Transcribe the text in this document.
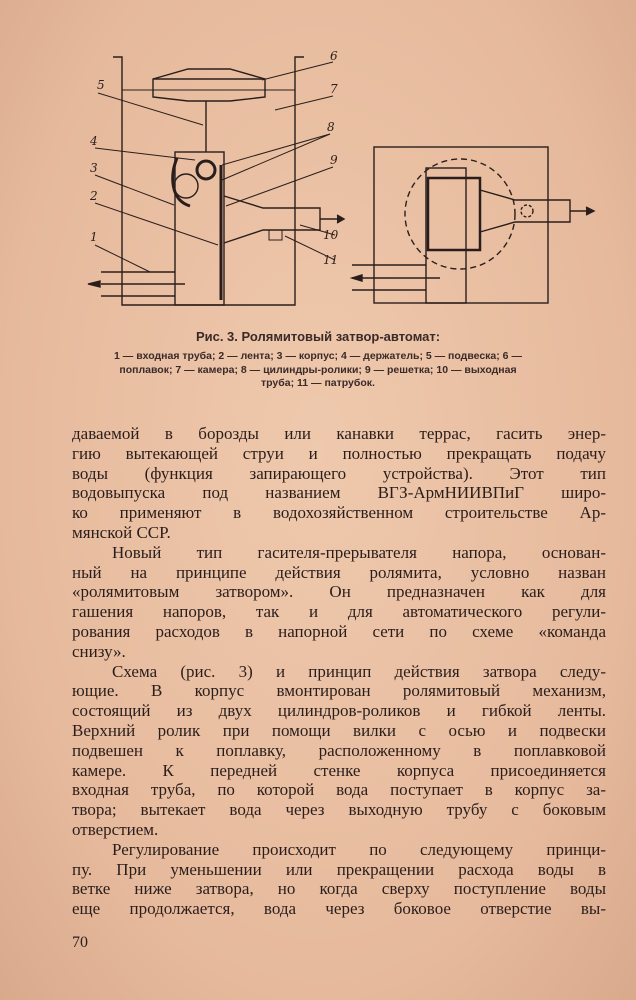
1
2
3
4
5
6
7
8
9
10
11
Рис. 3. Ролямитовый затвор-автомат:
1 — входная труба; 2 — лента; 3 — корпус; 4 — держатель; 5 — подвеска; 6 —
поплавок; 7 — камера; 8 — цилиндры-ролики; 9 — решетка; 10 — выходная
труба; 11 — патрубок.
даваемой в борозды или канавки террас, гасить энер-
гию вытекающей струи и полностью прекращать подачу
воды (функция запирающего устройства). Этот тип
водовыпуска под названием ВГЗ-АрмНИИВПиГ широ-
ко применяют в водохозяйственном строительстве Ар-
мянской ССР.
Новый тип гасителя-прерывателя напора, основан-
ный на принципе действия ролямита, условно назван
«ролямитовым затвором». Он предназначен как для
гашения напоров, так и для автоматического регули-
рования расходов в напорной сети по схеме «команда
снизу».
Схема (рис. 3) и принцип действия затвора следу-
ющие. В корпус вмонтирован ролямитовый механизм,
состоящий из двух цилиндров-роликов и гибкой ленты.
Верхний ролик при помощи вилки с осью и подвески
подвешен к поплавку, расположенному в поплавковой
камере. К передней стенке корпуса присоединяется
входная труба, по которой вода поступает в корпус за-
твора; вытекает вода через выходную трубу с боковым
отверстием.
Регулирование происходит по следующему принци-
пу. При уменьшении или прекращении расхода воды в
ветке ниже затвора, но когда сверху поступление воды
еще продолжается, вода через боковое отверстие вы-
70
